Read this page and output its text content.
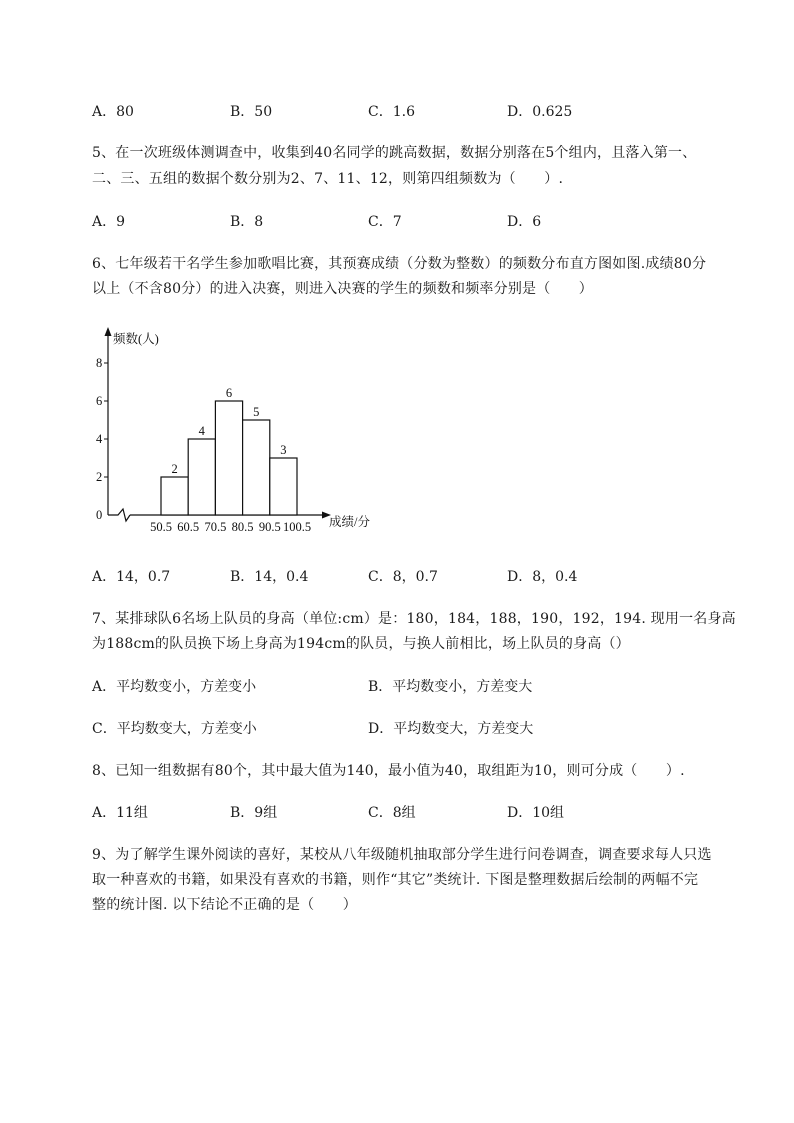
A．80	B．50	C．1.6	D．0.625
5、在一次班级体测调查中，收集到40名同学的跳高数据，数据分别落在5个组内，且落入第一、
二、三、五组的数据个数分别为2、7、11、12，则第四组频数为（　　）.
A．9	B．8	C．7	D．6
6、七年级若干名学生参加歌唱比赛，其预赛成绩（分数为整数）的频数分布直方图如图.成绩80分
以上（不含80分）的进入决赛，则进入决赛的学生的频数和频率分别是（　　）
频数(人)
成绩/分
0
2
4
6
8
2
4
6
5
3
50.5 60.5 70.5 80.5 90.5 100.5
A．14，0.7	B．14，0.4	C．8，0.7	D．8，0.4
7、某排球队6名场上队员的身高（单位:cm）是：180，184，188，190，192，194. 现用一名身高
为188cm的队员换下场上身高为194cm的队员，与换人前相比，场上队员的身高（）
A．平均数变小，方差变小	B．平均数变小，方差变大
C．平均数变大，方差变小	D．平均数变大，方差变大
8、已知一组数据有80个，其中最大值为140，最小值为40，取组距为10，则可分成（　　）.
A．11组	B．9组	C．8组	D．10组
9、为了解学生课外阅读的喜好，某校从八年级随机抽取部分学生进行问卷调查，调查要求每人只选
取一种喜欢的书籍，如果没有喜欢的书籍，则作“其它”类统计. 下图是整理数据后绘制的两幅不完
整的统计图. 以下结论不正确的是（　　）
